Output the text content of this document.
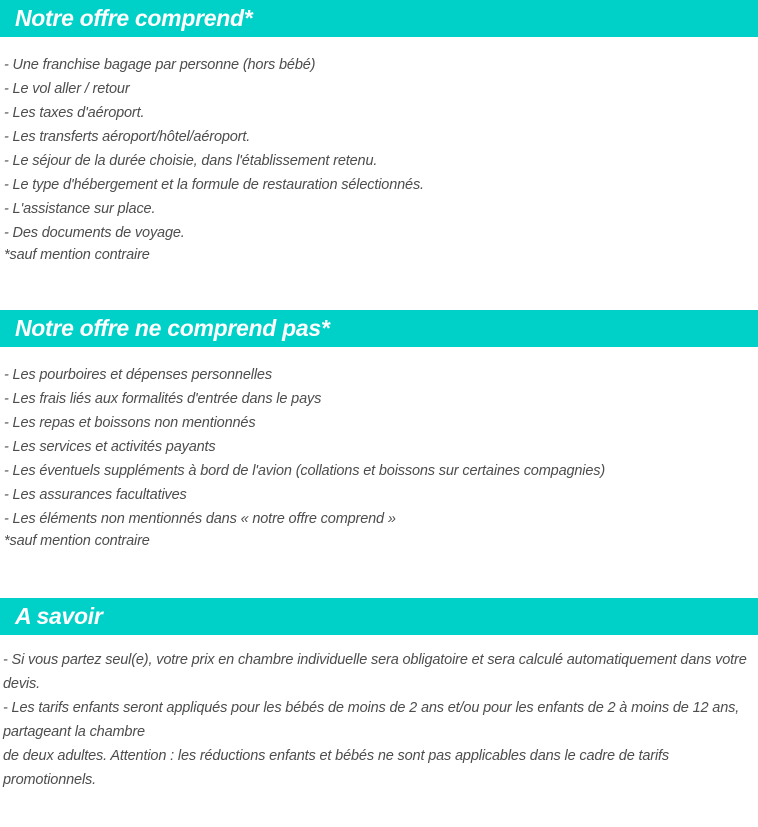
Notre offre comprend*
- Une franchise bagage par personne (hors bébé)
- Le vol aller / retour
- Les taxes d'aéroport.
- Les transferts aéroport/hôtel/aéroport.
- Le séjour de la durée choisie, dans l'établissement retenu.
- Le type d'hébergement et la formule de restauration sélectionnés.
- L'assistance sur place.
- Des documents de voyage.
*sauf mention contraire
Notre offre ne comprend pas*
- Les pourboires et dépenses personnelles
- Les frais liés aux formalités d'entrée dans le pays
- Les repas et boissons non mentionnés
- Les services et activités payants
- Les éventuels suppléments à bord de l'avion (collations et boissons sur certaines compagnies)
- Les assurances facultatives
- Les éléments non mentionnés dans « notre offre comprend »
*sauf mention contraire
A savoir
- Si vous partez seul(e), votre prix en chambre individuelle sera obligatoire et sera calculé automatiquement dans votre devis.
- Les tarifs enfants seront appliqués pour les bébés de moins de 2 ans et/ou pour les enfants de 2 à moins de 12 ans, partageant la chambre
de deux adultes. Attention : les réductions enfants et bébés ne sont pas applicables dans le cadre de tarifs promotionnels.
